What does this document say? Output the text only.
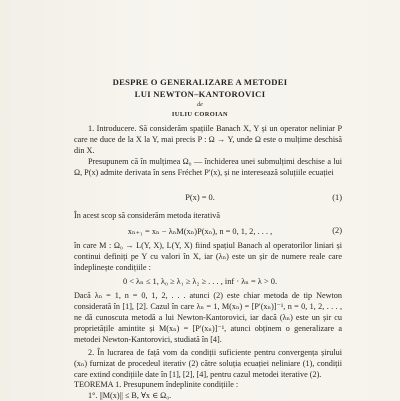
DESPRE O GENERALIZARE A METODEI
LUI NEWTON–KANTOROVICI
de
IULIU COROIAN
1. Introducere. Să considerăm spațiile Banach X, Y și un operator neliniar P care ne duce de la X la Y, mai precis P : Ω → Y, unde Ω este o mulțime deschisă din X.
Presupunem că în mulțimea Ω₀ — închiderea unei submulțimi deschise a lui Ω, P(x) admite derivata în sens Fréchet P′(x), și ne interesează soluțiile ecuației
P(x) = 0.	(1)
În acest scop să considerăm metoda iterativă
xₙ₊₁ = xₙ − λₙM(xₙ)P(xₙ), n = 0, 1, 2, . . . ,	(2)
în care M : Ω₀ → L(Y, X), L(Y, X) fiind spațiul Banach al operatorilor liniari și continui definiți pe Y cu valori în X, iar (λₙ) este un șir de numere reale care îndeplinește condițiile :
0 < λₙ ≤ 1, λ₀ ≥ λ₁ ≥ λ₂ ≥ . . . , inf · λₙ = λ > 0.
Dacă λₙ = 1, n = 0, 1, 2, . . . atunci (2) este chiar metoda de tip Newton considerată în [1], [2]. Cazul în care λₙ = 1, M(xₙ) = [P′(xₙ)]⁻¹, n = 0, 1, 2, . . . , ne dă cunoscuta metodă a lui Newton-Kantorovici, iar dacă (λₙ) este un șir cu proprietățile amintite și M(xₙ) = [P′(xₙ)]⁻¹, atunci obținem o generalizare a metodei Newton-Kantorovici, studiată în [4].
2. În lucrarea de față vom da condiții suficiente pentru convergența șirului (xₙ) furnizat de procedeul iterativ (2) către soluția ecuației neliniare (1), condiții care extind condițiile date în [1], [2], [4], pentru cazul metodei iterative (2).
TEOREMA 1. Presupunem îndeplinite condițiile :
1°. ||M(x)|| ≤ B, ∀x ∈ Ω₀.
